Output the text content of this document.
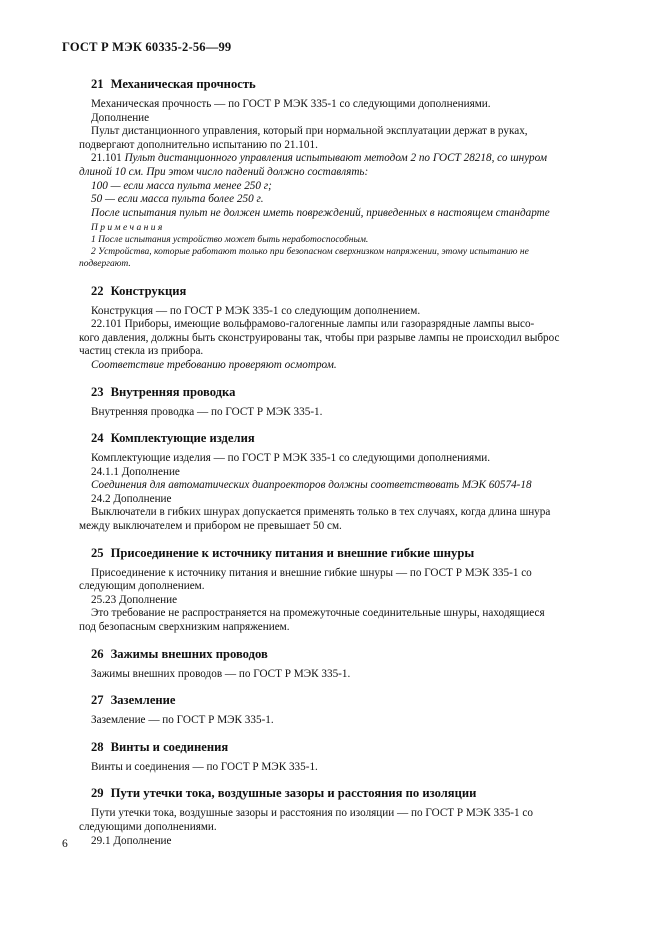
ГОСТ Р МЭК 60335-2-56—99
21 Механическая прочность

Механическая прочность — по ГОСТ Р МЭК 335-1 со следующими дополнениями.

Дополнение

Пульт дистанционного управления, который при нормальной эксплуатации держат в руках,

подвергают дополнительно испытанию по 21.101.

21.101 Пульт дистанционного управления испытывают методом 2 по ГОСТ 28218, со шнуром

длиной 10 см. При этом число падений должно составлять:

100 — если масса пульта менее 250 г;

50 — если масса пульта более 250 г.

После испытания пульт не должен иметь повреждений, приведенных в настоящем стандарте

Примечания

1 После испытания устройство может быть неработоспособным.

2 Устройства, которые работают только при безопасном сверхнизком напряжении, этому испытанию не

подвергают.

22 Конструкция

Конструкция — по ГОСТ Р МЭК 335-1 со следующим дополнением.

22.101 Приборы, имеющие вольфрамово-галогенные лампы или газоразрядные лампы высо-

кого давления, должны быть сконструированы так, чтобы при разрыве лампы не происходил выброс

частиц стекла из прибора.

Соответствие требованию проверяют осмотром.

23 Внутренняя проводка

Внутренняя проводка — по ГОСТ Р МЭК 335-1.

24 Комплектующие изделия

Комплектующие изделия — по ГОСТ Р МЭК 335-1 со следующими дополнениями.

24.1.1 Дополнение

Соединения для автоматических диапроекторов должны соответствовать МЭК 60574-18

24.2 Дополнение

Выключатели в гибких шнурах допускается применять только в тех случаях, когда длина шнура

между выключателем и прибором не превышает 50 см.

25 Присоединение к источнику питания и внешние гибкие шнуры

Присоединение к источнику питания и внешние гибкие шнуры — по ГОСТ Р МЭК 335-1 со

следующим дополнением.

25.23 Дополнение

Это требование не распространяется на промежуточные соединительные шнуры, находящиеся

под безопасным сверхнизким напряжением.

26 Зажимы внешних проводов

Зажимы внешних проводов — по ГОСТ Р МЭК 335-1.

27 Заземление

Заземление — по ГОСТ Р МЭК 335-1.

28 Винты и соединения

Винты и соединения — по ГОСТ Р МЭК 335-1.

29 Пути утечки тока, воздушные зазоры и расстояния по изоляции

Пути утечки тока, воздушные зазоры и расстояния по изоляции — по ГОСТ Р МЭК 335-1 со

следующими дополнениями.

29.1 Дополнение

6
